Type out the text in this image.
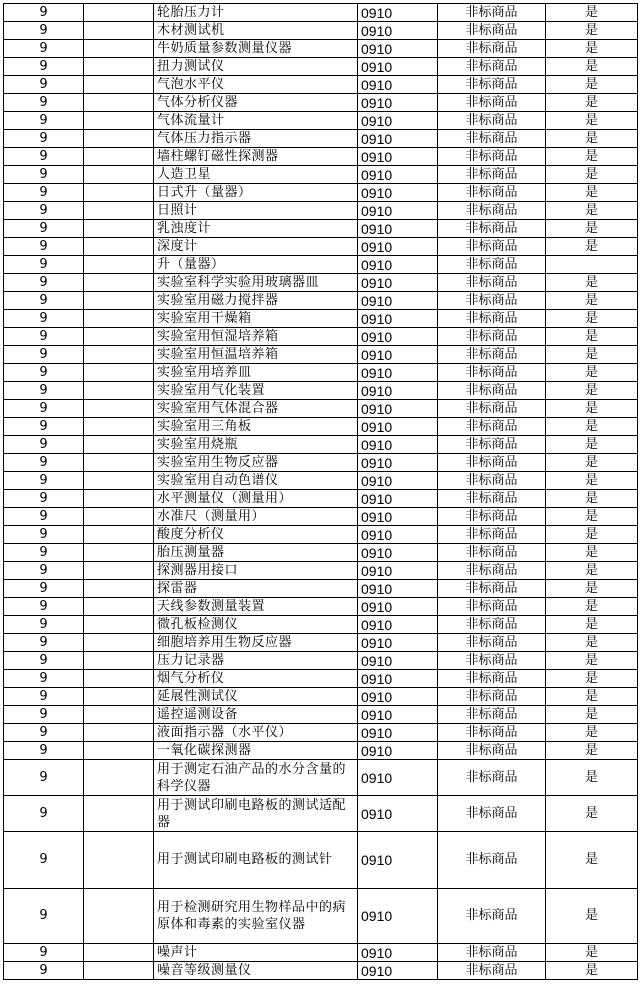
9		轮胎压力计	0910	非标商品	是
9		木材测试机	0910	非标商品	是
9		牛奶质量参数测量仪器	0910	非标商品	是
9		扭力测试仪	0910	非标商品	是
9		气泡水平仪	0910	非标商品	是
9		气体分析仪器	0910	非标商品	是
9		气体流量计	0910	非标商品	是
9		气体压力指示器	0910	非标商品	是
9		墙柱螺钉磁性探测器	0910	非标商品	是
9		人造卫星	0910	非标商品	是
9		日式升（量器）	0910	非标商品	是
9		日照计	0910	非标商品	是
9		乳浊度计	0910	非标商品	是
9		深度计	0910	非标商品	是
9		升（量器）	0910	非标商品	
9		实验室科学实验用玻璃器皿	0910	非标商品	是
9		实验室用磁力搅拌器	0910	非标商品	是
9		实验室用干燥箱	0910	非标商品	是
9		实验室用恒湿培养箱	0910	非标商品	是
9		实验室用恒温培养箱	0910	非标商品	是
9		实验室用培养皿	0910	非标商品	是
9		实验室用气化装置	0910	非标商品	是
9		实验室用气体混合器	0910	非标商品	是
9		实验室用三角板	0910	非标商品	是
9		实验室用烧瓶	0910	非标商品	是
9		实验室用生物反应器	0910	非标商品	是
9		实验室用自动色谱仪	0910	非标商品	是
9		水平测量仪（测量用）	0910	非标商品	是
9		水准尺（测量用）	0910	非标商品	是
9		酸度分析仪	0910	非标商品	是
9		胎压测量器	0910	非标商品	是
9		探测器用接口	0910	非标商品	是
9		探雷器	0910	非标商品	是
9		天线参数测量装置	0910	非标商品	是
9		微孔板检测仪	0910	非标商品	是
9		细胞培养用生物反应器	0910	非标商品	是
9		压力记录器	0910	非标商品	是
9		烟气分析仪	0910	非标商品	是
9		延展性测试仪	0910	非标商品	是
9		遥控遥测设备	0910	非标商品	是
9		液面指示器（水平仪）	0910	非标商品	是
9		一氧化碳探测器	0910	非标商品	是
9		用于测定石油产品的水分含量的科学仪器	0910	非标商品	是
9		用于测试印刷电路板的测试适配器	0910	非标商品	是
9		用于测试印刷电路板的测试针	0910	非标商品	是
9		用于检测研究用生物样品中的病原体和毒素的实验室仪器	0910	非标商品	是
9		噪声计	0910	非标商品	是
9		噪音等级测量仪	0910	非标商品	是
